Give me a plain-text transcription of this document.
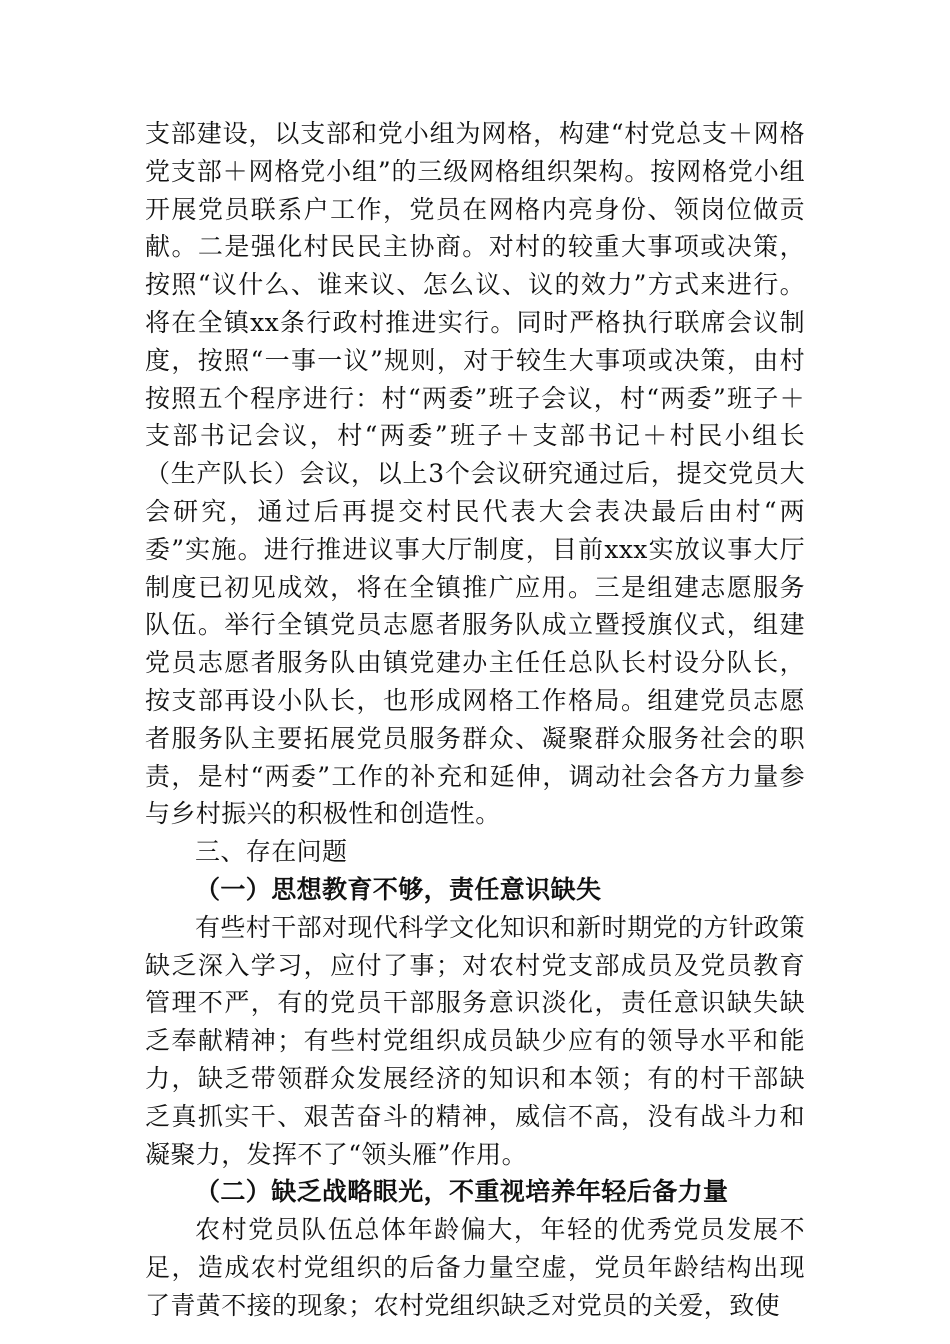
支部建设，以支部和党小组为网格，构建“村党总支＋网格党支部＋网格党小组”的三级网格组织架构。按网格党小组开展党员联系户工作，党员在网格内亮身份、领岗位做贡献。二是强化村民民主协商。对村的较重大事项或决策，按照“议什么、谁来议、怎么议、议的效力”方式来进行。将在全镇xx条行政村推进实行。同时严格执行联席会议制度，按照“一事一议”规则，对于较生大事项或决策，由村按照五个程序进行：村“两委”班子会议，村“两委”班子＋支部书记会议，村“两委”班子＋支部书记＋村民小组长（生产队长）会议，以上3个会议研究通过后，提交党员大会研究，通过后再提交村民代表大会表决最后由村“两委”实施。进行推进议事大厅制度，目前xxx实放议事大厅制度已初见成效，将在全镇推广应用。三是组建志愿服务队伍。举行全镇党员志愿者服务队成立暨授旗仪式，组建党员志愿者服务队由镇党建办主任任总队长村设分队长，按支部再设小队长，也形成网格工作格局。组建党员志愿者服务队主要拓展党员服务群众、凝聚群众服务社会的职责，是村“两委”工作的补充和延伸，调动社会各方力量参与乡村振兴的积极性和创造性。

三、存在问题

（一）思想教育不够，责任意识缺失

有些村干部对现代科学文化知识和新时期党的方针政策缺乏深入学习，应付了事；对农村党支部成员及党员教育管理不严，有的党员干部服务意识淡化，责任意识缺失缺乏奉献精神；有些村党组织成员缺少应有的领导水平和能力，缺乏带领群众发展经济的知识和本领；有的村干部缺乏真抓实干、艰苦奋斗的精神，威信不高，没有战斗力和凝聚力，发挥不了“领头雁”作用。

（二）缺乏战略眼光，不重视培养年轻后备力量

农村党员队伍总体年龄偏大，年轻的优秀党员发展不足，造成农村党组织的后备力量空虚，党员年龄结构出现了青黄不接的现象；农村党组织缺乏对党员的关爱，致使
